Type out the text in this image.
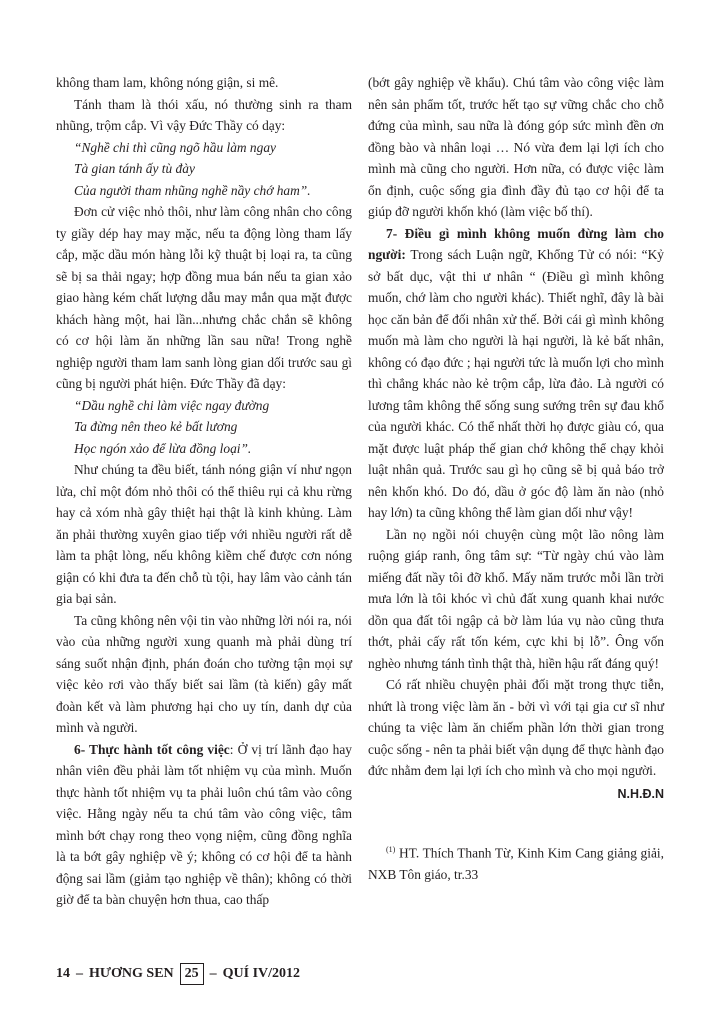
không tham lam, không nóng giận, si mê.

Tánh tham là thói xấu, nó thường sinh ra tham nhũng, trộm cắp. Vì vậy Đức Thầy có dạy:

“Nghề chi thì cũng ngõ hầu làm ngay

Tà gian tánh ấy tù đày

Của người tham nhũng nghề nầy chớ ham”.

Đơn cử việc nhỏ thôi, như làm công nhân cho công ty giầy dép hay may mặc, nếu ta động lòng tham lấy cắp, mặc dầu món hàng lỗi kỹ thuật bị loại ra, ta cũng sẽ bị sa thải ngay; hợp đồng mua bán nếu ta gian xảo giao hàng kém chất lượng dẫu may mắn qua mặt được khách hàng một, hai lần...nhưng chắc chắn sẽ không có cơ hội làm ăn những lần sau nữa! Trong nghề nghiệp người tham lam sanh lòng gian dối trước sau gì cũng bị người phát hiện. Đức Thầy đã dạy:

“Dầu nghề chi làm việc ngay đường

Ta đừng nên theo kẻ bất lương

Học ngón xảo để lừa đồng loại”.

Như chúng ta đều biết, tánh nóng giận ví như ngọn lửa, chỉ một đóm nhỏ thôi có thể thiêu rụi cả khu rừng hay cả xóm nhà gây thiệt hại thật là kinh khủng. Làm ăn phải thường xuyên giao tiếp với nhiều người rất dễ làm ta phật lòng, nếu không kiềm chế được cơn nóng giận có khi đưa ta đến chỗ tù tội, hay lâm vào cảnh tán gia bại sản.

Ta cũng không nên vội tin vào những lời nói ra, nói vào của những người xung quanh mà phải dùng trí sáng suốt nhận định, phán đoán cho tường tận mọi sự việc kẻo rơi vào thấy biết sai lầm (tà kiến) gây mất đoàn kết và làm phương hại cho uy tín, danh dự của mình và người.

6- Thực hành tốt công việc: Ở vị trí lãnh đạo hay nhân viên đều phải làm tốt nhiệm vụ của mình. Muốn thực hành tốt nhiệm vụ ta phải luôn chú tâm vào công việc. Hằng ngày nếu ta chú tâm vào công việc, tâm mình bớt chạy rong theo vọng niệm, cũng đồng nghĩa là ta bớt gây nghiệp về ý; không có cơ hội để ta hành động sai lầm (giảm tạo nghiệp về thân); không có thời giờ để ta bàn chuyện hơn thua, cao thấp

(bớt gây nghiệp về khẩu). Chú tâm vào công việc làm nên sản phẩm tốt, trước hết tạo sự vững chắc cho chỗ đứng của mình, sau nữa là đóng góp sức mình đền ơn đồng bào và nhân loại … Nó vừa đem lại lợi ích cho mình mà cũng cho người. Hơn nữa, có được việc làm ổn định, cuộc sống gia đình đầy đủ tạo cơ hội để ta giúp đỡ người khốn khó (làm việc bố thí).

7- Điều gì mình không muốn đừng làm cho người: Trong sách Luận ngữ, Khổng Tử có nói: “Kỷ sở bất dục, vật thi ư nhân “ (Điều gì mình không muốn, chớ làm cho người khác). Thiết nghĩ, đây là bài học căn bản để đối nhân xử thế. Bởi cái gì mình không muốn mà làm cho người là hại người, là kẻ bất nhân, không có đạo đức ; hại người tức là muốn lợi cho mình thì chẳng khác nào kẻ trộm cắp, lừa đảo. Là người có lương tâm không thể sống sung sướng trên sự đau khổ của người khác. Có thể nhất thời họ được giàu có, qua mặt được luật pháp thế gian chớ không thể chạy khỏi luật nhân quả. Trước sau gì họ cũng sẽ bị quả báo trở nên khốn khó. Do đó, dầu ở góc độ làm ăn nào (nhỏ hay lớn) ta cũng không thể làm gian dối như vậy!

Lần nọ ngồi nói chuyện cùng một lão nông làm ruộng giáp ranh, ông tâm sự: “Từ ngày chú vào làm miếng đất nầy tôi đỡ khổ. Mấy năm trước mỗi lần trời mưa lớn là tôi khóc vì chủ đất xung quanh khai nước dồn qua đất tôi ngập cả bờ làm lúa vụ nào cũng thưa thớt, phải cấy rất tốn kém, cực khi bị lỗ”. Ông vốn nghèo nhưng tánh tình thật thà, hiền hậu rất đáng quý!

Có rất nhiều chuyện phải đối mặt trong thực tiễn, nhứt là trong việc làm ăn - bởi vì với tại gia cư sĩ như chúng ta việc làm ăn chiếm phần lớn thời gian trong cuộc sống - nên ta phải biết vận dụng để thực hành đạo đức nhằm đem lại lợi ích cho mình và cho mọi người.

N.H.Đ.N

$^{(1)}$ HT. Thích Thanh Từ, Kinh Kim Cang giảng giải, NXB Tôn giáo, tr.33

14 – HƯƠNG SEN 25 – QUÍ IV/2012
